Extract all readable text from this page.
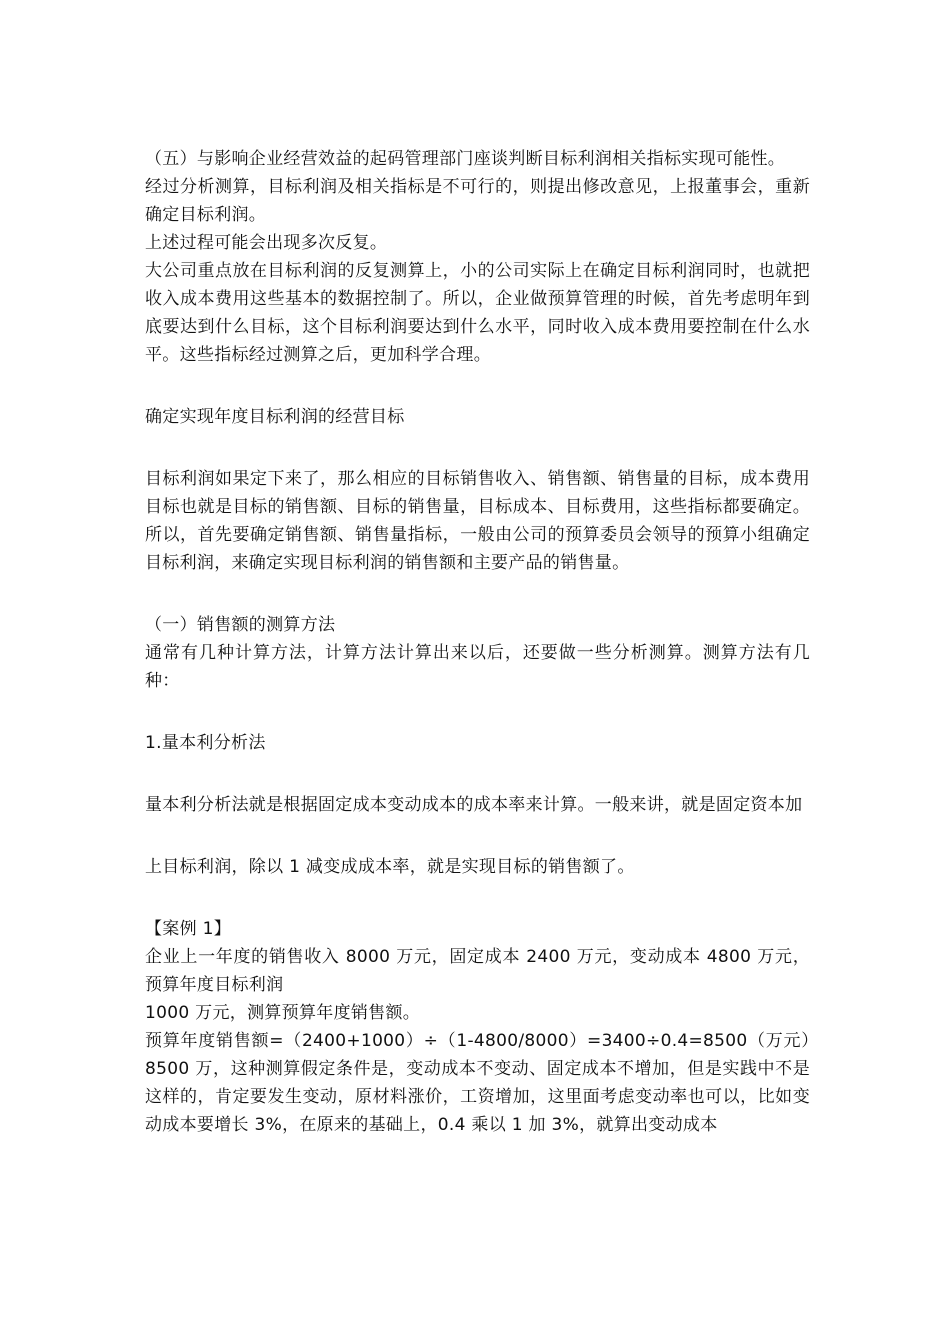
（五）与影响企业经营效益的起码管理部门座谈判断目标利润相关指标实现可能性。

经过分析测算，目标利润及相关指标是不可行的，则提出修改意见，上报董事会，重新确定目标利润。

上述过程可能会出现多次反复。

大公司重点放在目标利润的反复测算上，小的公司实际上在确定目标利润同时，也就把收入成本费用这些基本的数据控制了。所以，企业做预算管理的时候，首先考虑明年到底要达到什么目标，这个目标利润要达到什么水平，同时收入成本费用要控制在什么水平。这些指标经过测算之后，更加科学合理。

确定实现年度目标利润的经营目标

目标利润如果定下来了，那么相应的目标销售收入、销售额、销售量的目标，成本费用目标也就是目标的销售额、目标的销售量，目标成本、目标费用，这些指标都要确定。所以，首先要确定销售额、销售量指标，一般由公司的预算委员会领导的预算小组确定目标利润，来确定实现目标利润的销售额和主要产品的销售量。

（一）销售额的测算方法

通常有几种计算方法，计算方法计算出来以后，还要做一些分析测算。测算方法有几种：

1.量本利分析法

量本利分析法就是根据固定成本变动成本的成本率来计算。一般来讲，就是固定资本加

上目标利润，除以 1 减变成成本率，就是实现目标的销售额了。

【案例 1】

企业上一年度的销售收入 8000 万元，固定成本 2400 万元，变动成本 4800 万元，预算年度目标利润

1000 万元，测算预算年度销售额。

预算年度销售额=（2400+1000）÷（1-4800/8000）=3400÷0.4=8500（万元）8500 万，这种测算假定条件是，变动成本不变动、固定成本不增加，但是实践中不是这样的，肯定要发生变动，原材料涨价，工资增加，这里面考虑变动率也可以，比如变动成本要增长 3%，在原来的基础上，0.4 乘以 1 加 3%，就算出变动成本
